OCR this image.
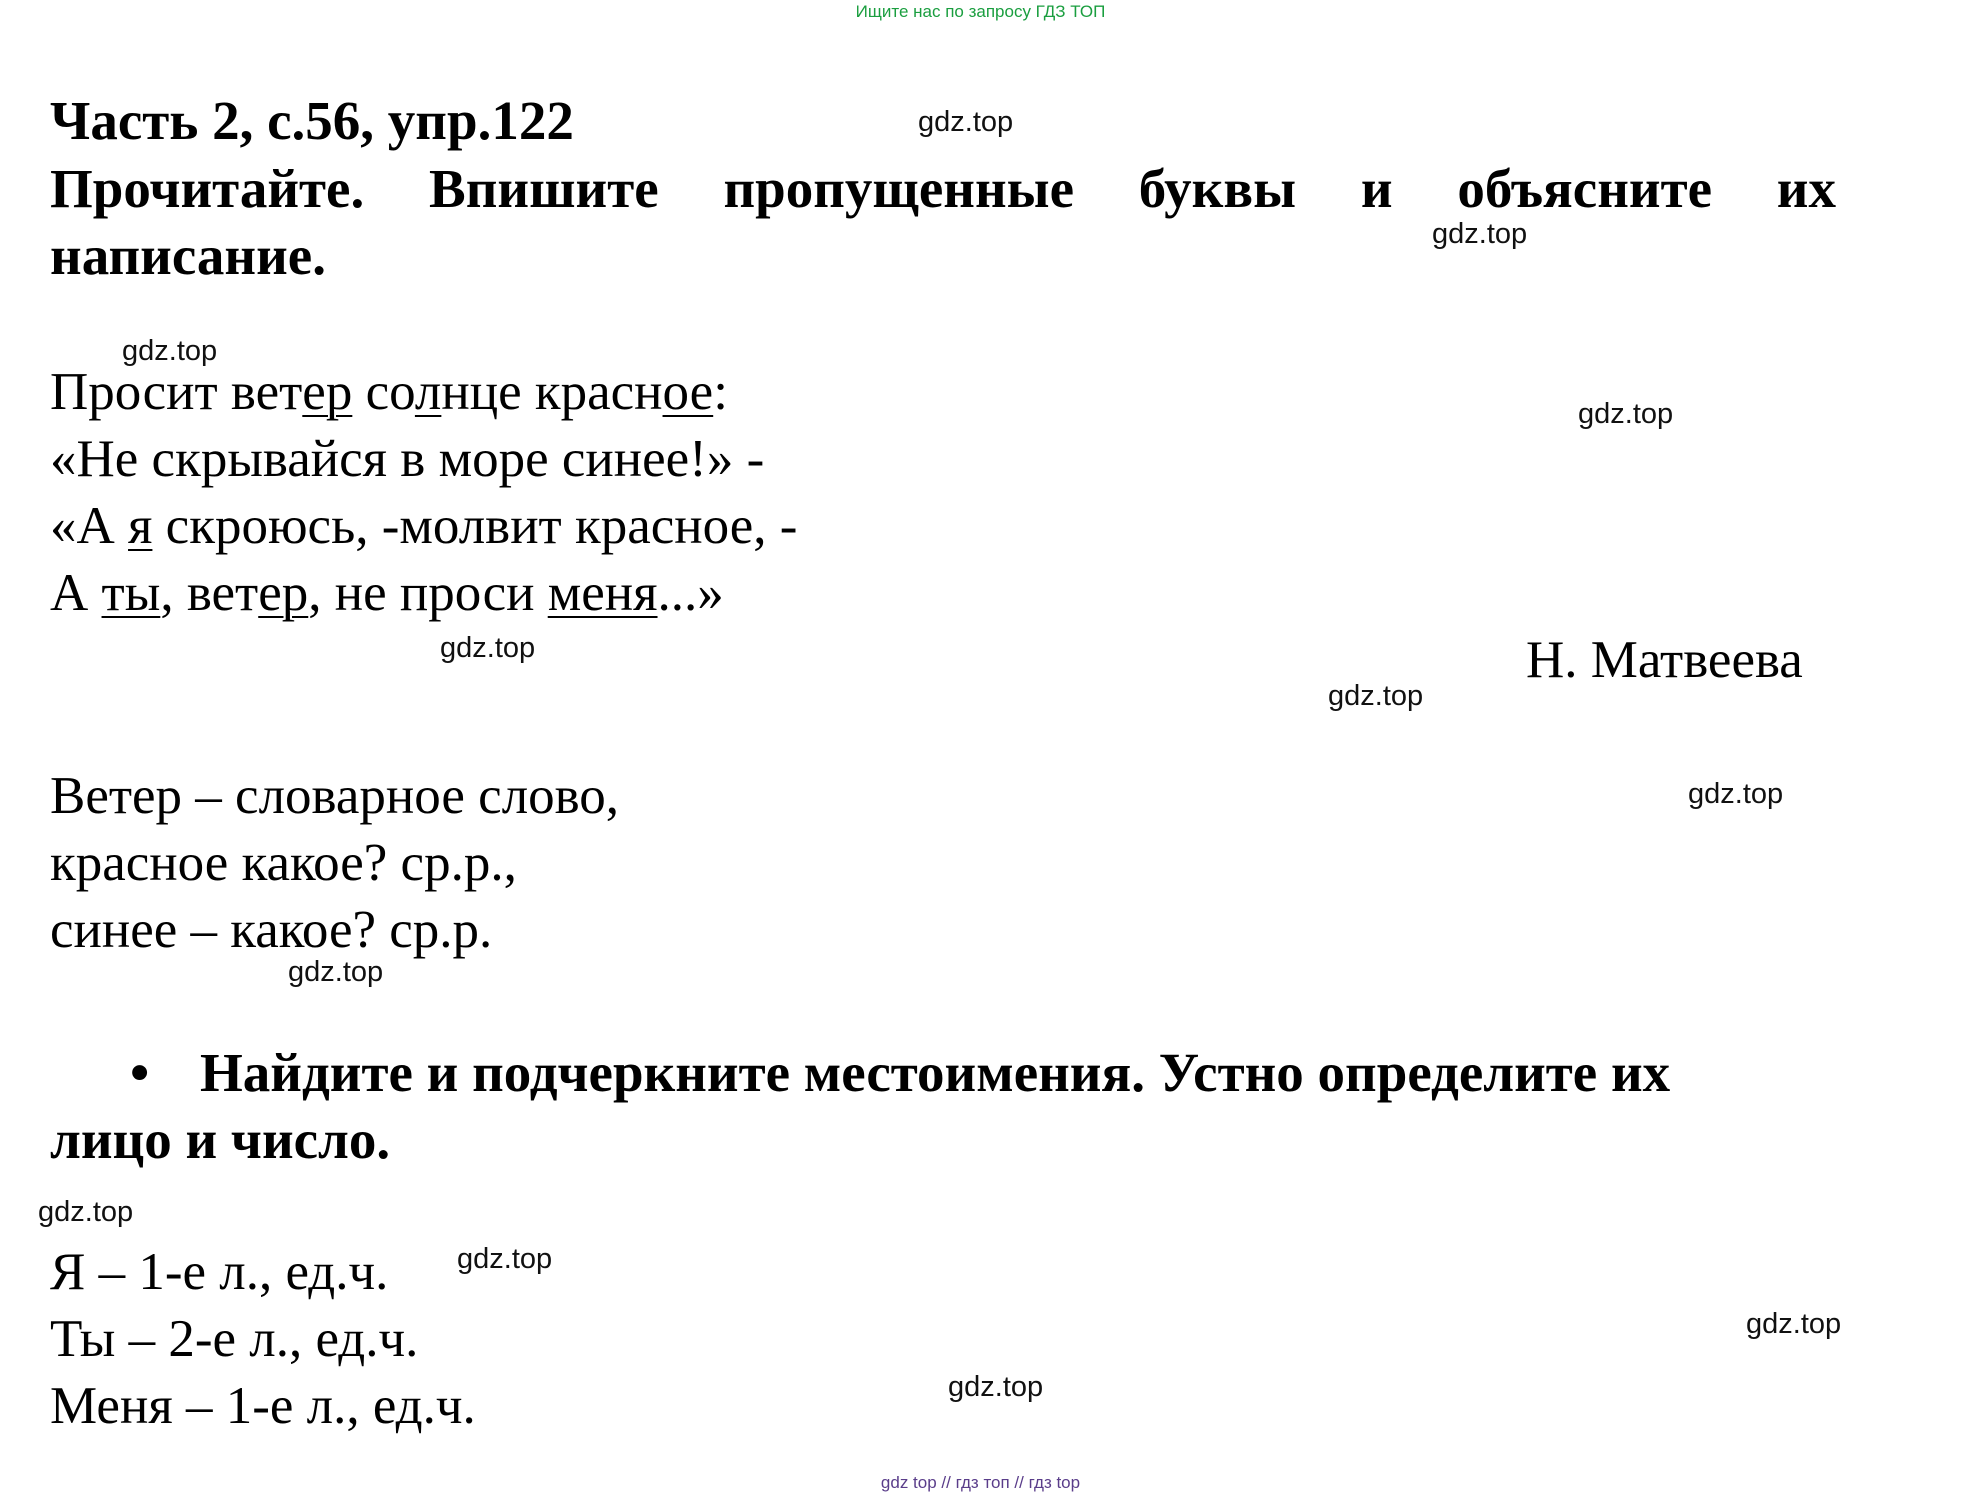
Ищите нас по запросу ГДЗ ТОП
Часть 2, с.56, упр.122
Прочитайте. Впишите пропущенные буквы и объясните их
написание.
Просит ветер солнце красное:
«Не скрывайся в море синее!» -
«А я скроюсь, -молвит красное, -
А ты, ветер, не проси меня...»
Н. Матвеева
Ветер – словарное слово,
красное какое? ср.р.,
синее – какое? ср.р.
• Найдите и подчеркните местоимения. Устно определите их
лицо и число.
Я – 1-е л., ед.ч.
Ты – 2-е л., ед.ч.
Меня – 1-е л., ед.ч.
gdz.top
gdz.top
gdz.top
gdz.top
gdz.top
gdz.top
gdz.top
gdz.top
gdz.top
gdz.top
gdz.top
gdz.top
gdz top // гдз топ // гдз top
